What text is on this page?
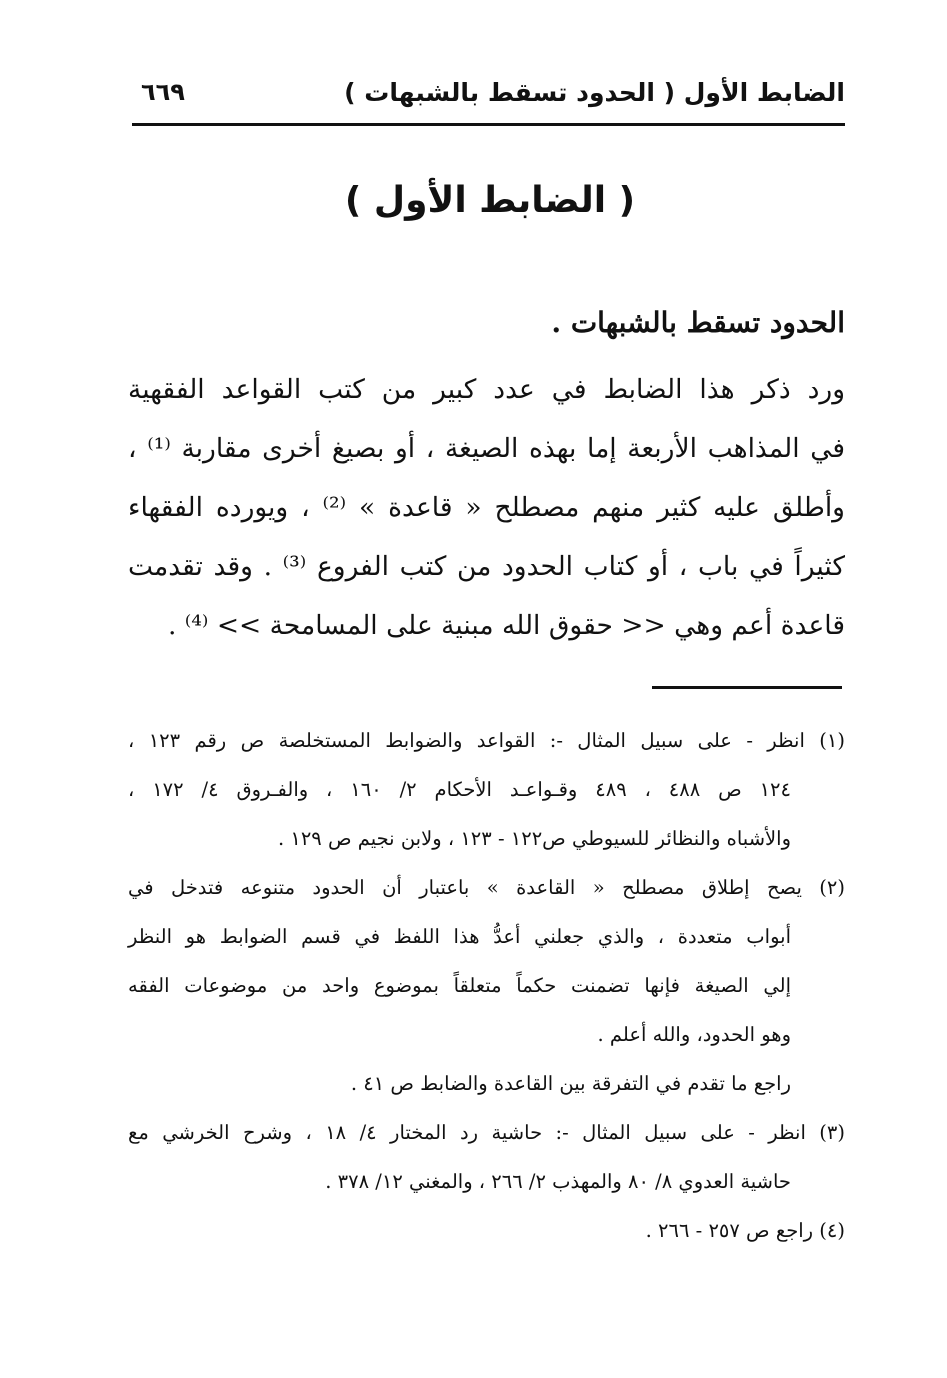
الضابط الأول ( الحدود تسقط بالشبهات )
٦٦٩
( الضابط الأول )
الحدود تسقط بالشبهات .
ورد ذكر هذا الضابط في عدد كبير من كتب القواعد الفقهية
في المذاهب الأربعة إما بهذه الصيغة ، أو بصيغ أخرى مقاربة ⁽¹⁾ ،
وأطلق عليه كثير منهم مصطلح « قاعدة » ⁽²⁾ ، ويورده الفقهاء
كثيراً في باب ، أو كتاب الحدود من كتب الفروع ⁽³⁾ . وقد تقدمت
قاعدة أعم وهي << حقوق الله مبنية على المسامحة >> ⁽⁴⁾ .
(١) انظر - على سبيل المثال -: القواعد والضوابط المستخلصة ص رقم ١٢٣ ،
١٢٤ ص ٤٨٨ ، ٤٨٩ وقـواعـد الأحكام ٢/ ١٦٠ ، والفـروق ٤/ ١٧٢ ،
والأشباه والنظائر للسيوطي ص١٢٢ - ١٢٣ ، ولابن نجيم ص ١٢٩ .
(٢) يصح إطلاق مصطلح « القاعدة » باعتبار أن الحدود متنوعه فتدخل في
أبواب متعددة ، والذي جعلني أعدُّ هذا اللفظ في قسم الضوابط هو النظر
إلي الصيغة فإنها تضمنت حكماً متعلقاً بموضوع واحد من موضوعات الفقه
وهو الحدود، والله أعلم .
راجع ما تقدم في التفرقة بين القاعدة والضابط ص ٤١ .
(٣) انظر - على سبيل المثال -: حاشية رد المختار ٤/ ١٨ ، وشرح الخرشي مع
حاشية العدوي ٨/ ٨٠ والمهذب ٢/ ٢٦٦ ، والمغني ١٢/ ٣٧٨ .
(٤) راجع ص ٢٥٧ - ٢٦٦ .
